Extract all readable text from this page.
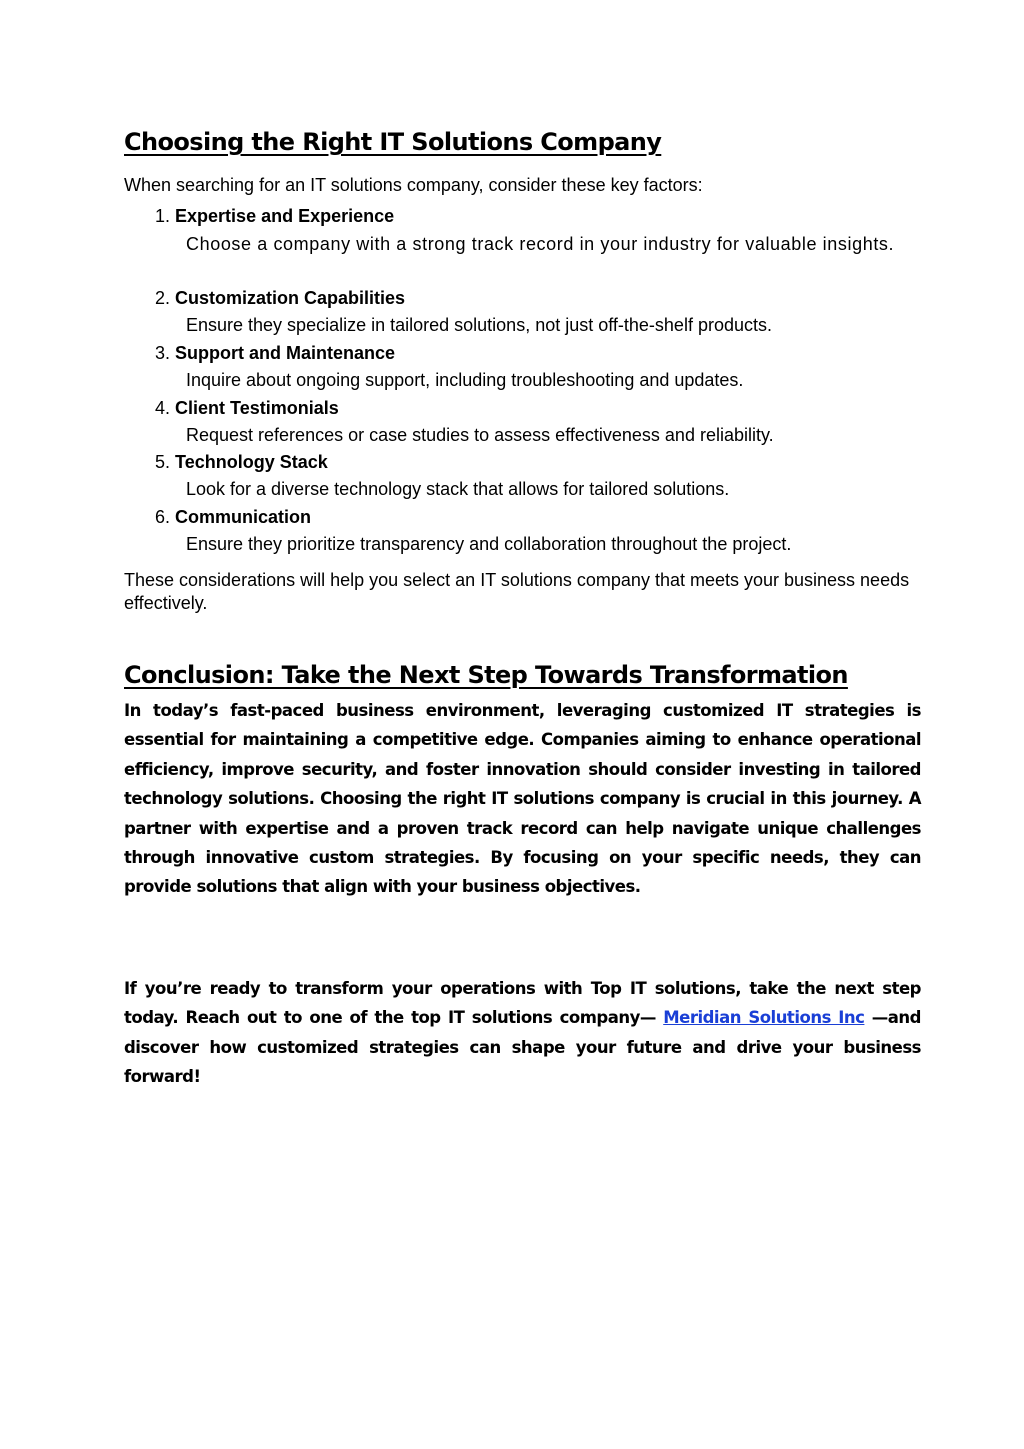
Choosing the Right IT Solutions Company

When searching for an IT solutions company, consider these key factors:

1. Expertise and Experience
Choose a company with a strong track record in your industry for valuable insights.
2. Customization Capabilities
Ensure they specialize in tailored solutions, not just off-the-shelf products.
3. Support and Maintenance
Inquire about ongoing support, including troubleshooting and updates.
4. Client Testimonials
Request references or case studies to assess effectiveness and reliability.
5. Technology Stack
Look for a diverse technology stack that allows for tailored solutions.
6. Communication
Ensure they prioritize transparency and collaboration throughout the project.

These considerations will help you select an IT solutions company that meets your business needs effectively.

Conclusion: Take the Next Step Towards Transformation

In today’s fast-paced business environment, leveraging customized IT strategies is essential for maintaining a competitive edge. Companies aiming to enhance operational efficiency, improve security, and foster innovation should consider investing in tailored technology solutions. Choosing the right IT solutions company is crucial in this journey. A partner with expertise and a proven track record can help navigate unique challenges through innovative custom strategies. By focusing on your specific needs, they can provide solutions that align with your business objectives.

If you’re ready to transform your operations with Top IT solutions, take the next step today. Reach out to one of the top IT solutions company— Meridian Solutions Inc —and discover how customized strategies can shape your future and drive your business forward!
